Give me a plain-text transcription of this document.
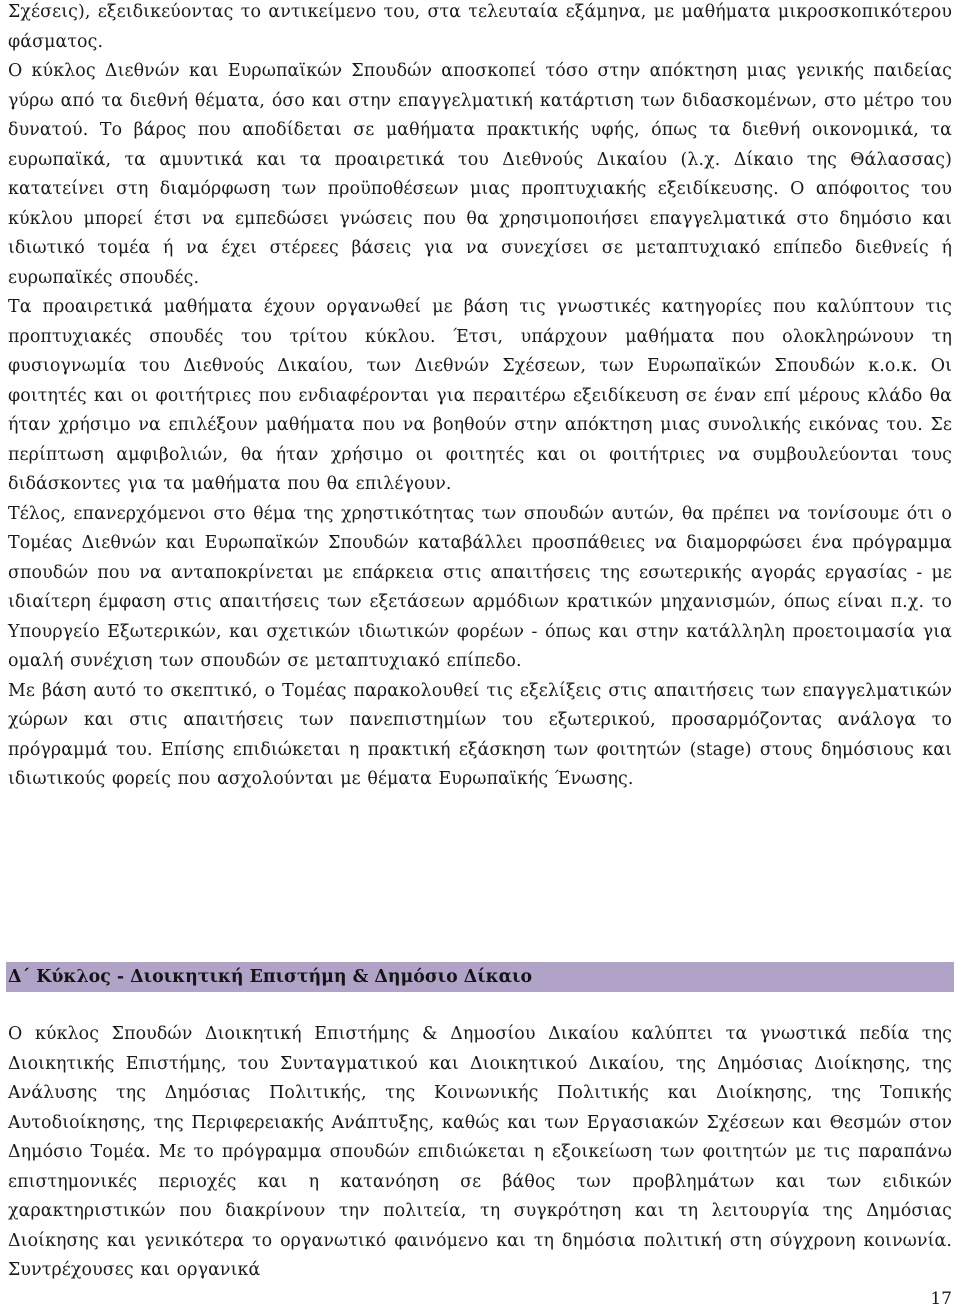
Σχέσεις), εξειδικεύοντας το αντικείμενο του, στα τελευταία εξάμηνα, με μαθήματα μικροσκοπικότερου φάσματος.

Ο κύκλος Διεθνών και Ευρωπαϊκών Σπουδών αποσκοπεί τόσο στην απόκτηση μιας γενικής παιδείας γύρω από τα διεθνή θέματα, όσο και στην επαγγελματική κατάρτιση των διδασκομένων, στο μέτρο του δυνατού. Το βάρος που αποδίδεται σε μαθήματα πρακτικής υφής, όπως τα διεθνή οικονομικά, τα ευρωπαϊκά, τα αμυντικά και τα προαιρετικά του Διεθνούς Δικαίου (λ.χ. Δίκαιο της Θάλασσας) κατατείνει στη διαμόρφωση των προϋποθέσεων μιας προπτυχιακής εξειδίκευσης. Ο απόφοιτος του κύκλου μπορεί έτσι να εμπεδώσει γνώσεις που θα χρησιμοποιήσει επαγγελματικά στο δημόσιο και ιδιωτικό τομέα ή να έχει στέρεες βάσεις για να συνεχίσει σε μεταπτυχιακό επίπεδο διεθνείς ή ευρωπαϊκές σπουδές.

Τα προαιρετικά μαθήματα έχουν οργανωθεί με βάση τις γνωστικές κατηγορίες που καλύπτουν τις προπτυχιακές σπουδές του τρίτου κύκλου. Έτσι, υπάρχουν μαθήματα που ολοκληρώνουν τη φυσιογνωμία του Διεθνούς Δικαίου, των Διεθνών Σχέσεων, των Ευρωπαϊκών Σπουδών κ.ο.κ. Οι φοιτητές και οι φοιτήτριες που ενδιαφέρονται για περαιτέρω εξειδίκευση σε έναν επί μέρους κλάδο θα ήταν χρήσιμο να επιλέξουν μαθήματα που να βοηθούν στην απόκτηση μιας συνολικής εικόνας του. Σε περίπτωση αμφιβολιών, θα ήταν χρήσιμο οι φοιτητές και οι φοιτήτριες να συμβουλεύονται τους διδάσκοντες για τα μαθήματα που θα επιλέγουν.

Τέλος, επανερχόμενοι στο θέμα της χρηστικότητας των σπουδών αυτών, θα πρέπει να τονίσουμε ότι ο Τομέας Διεθνών και Ευρωπαϊκών Σπουδών καταβάλλει προσπάθειες να διαμορφώσει ένα πρόγραμμα σπουδών που να ανταποκρίνεται με επάρκεια στις απαιτήσεις της εσωτερικής αγοράς εργασίας - με ιδιαίτερη έμφαση στις απαιτήσεις των εξετάσεων αρμόδιων κρατικών μηχανισμών, όπως είναι π.χ. το Υπουργείο Εξωτερικών, και σχετικών ιδιωτικών φορέων - όπως και στην κατάλληλη προετοιμασία για ομαλή συνέχιση των σπουδών σε μεταπτυχιακό επίπεδο.

Με βάση αυτό το σκεπτικό, ο Τομέας παρακολουθεί τις εξελίξεις στις απαιτήσεις των επαγγελματικών χώρων και στις απαιτήσεις των πανεπιστημίων του εξωτερικού, προσαρμόζοντας ανάλογα το πρόγραμμά του. Επίσης επιδιώκεται η πρακτική εξάσκηση των φοιτητών (stage) στους δημόσιους και ιδιωτικούς φορείς που ασχολούνται με θέματα Ευρωπαϊκής Ένωσης.

Δ΄ Κύκλος - Διοικητική Επιστήμη & Δημόσιο Δίκαιο

Ο κύκλος Σπουδών Διοικητική Επιστήμης & Δημοσίου Δικαίου καλύπτει τα γνωστικά πεδία της Διοικητικής Επιστήμης, του Συνταγματικού και Διοικητικού Δικαίου, της Δημόσιας Διοίκησης, της Ανάλυσης της Δημόσιας Πολιτικής, της Κοινωνικής Πολιτικής και Διοίκησης, της Τοπικής Αυτοδιοίκησης, της Περιφερειακής Ανάπτυξης, καθώς και των Εργασιακών Σχέσεων και Θεσμών στον Δημόσιο Τομέα. Με το πρόγραμμα σπουδών επιδιώκεται η εξοικείωση των φοιτητών με τις παραπάνω επιστημονικές περιοχές και η κατανόηση σε βάθος των προβλημάτων και των ειδικών χαρακτηριστικών που διακρίνουν την πολιτεία, τη συγκρότηση και τη λειτουργία της Δημόσιας Διοίκησης και γενικότερα το οργανωτικό φαινόμενο και τη δημόσια πολιτική στη σύγχρονη κοινωνία. Συντρέχουσες και οργανικά

17
